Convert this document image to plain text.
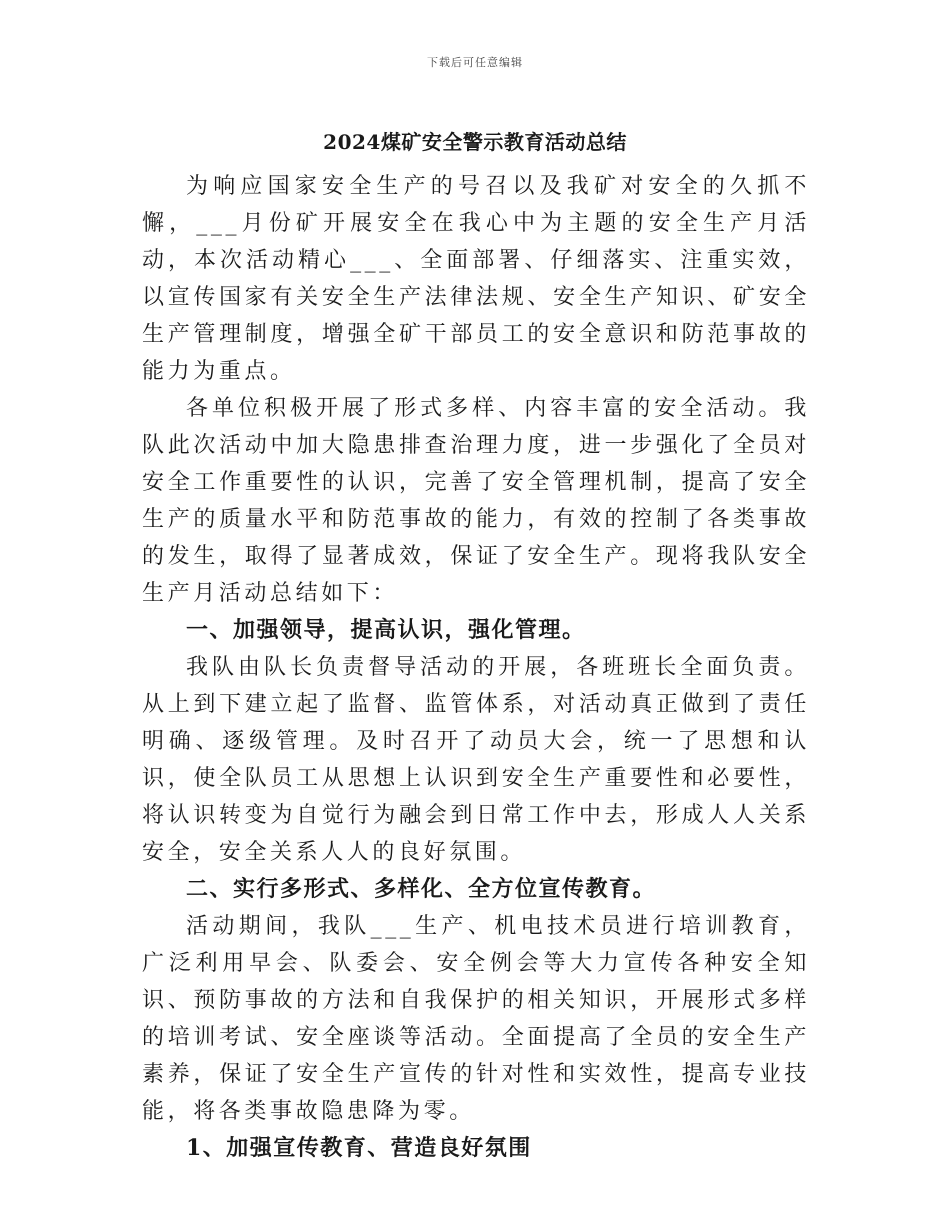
下载后可任意编辑
2024煤矿安全警示教育活动总结

为响应国家安全生产的号召以及我矿对安全的久抓不懈，___月份矿开展安全在我心中为主题的安全生产月活动，本次活动精心___、全面部署、仔细落实、注重实效，以宣传国家有关安全生产法律法规、安全生产知识、矿安全生产管理制度，增强全矿干部员工的安全意识和防范事故的能力为重点。

各单位积极开展了形式多样、内容丰富的安全活动。我队此次活动中加大隐患排查治理力度，进一步强化了全员对安全工作重要性的认识，完善了安全管理机制，提高了安全生产的质量水平和防范事故的能力，有效的控制了各类事故的发生，取得了显著成效，保证了安全生产。现将我队安全生产月活动总结如下：

一、加强领导，提高认识，强化管理。

我队由队长负责督导活动的开展，各班班长全面负责。从上到下建立起了监督、监管体系，对活动真正做到了责任明确、逐级管理。及时召开了动员大会，统一了思想和认识，使全队员工从思想上认识到安全生产重要性和必要性，将认识转变为自觉行为融会到日常工作中去，形成人人关系安全，安全关系人人的良好氛围。

二、实行多形式、多样化、全方位宣传教育。

活动期间，我队___生产、机电技术员进行培训教育，广泛利用早会、队委会、安全例会等大力宣传各种安全知识、预防事故的方法和自我保护的相关知识，开展形式多样的培训考试、安全座谈等活动。全面提高了全员的安全生产素养，保证了安全生产宣传的针对性和实效性，提高专业技能，将各类事故隐患降为零。

1、加强宣传教育、营造良好氛围
